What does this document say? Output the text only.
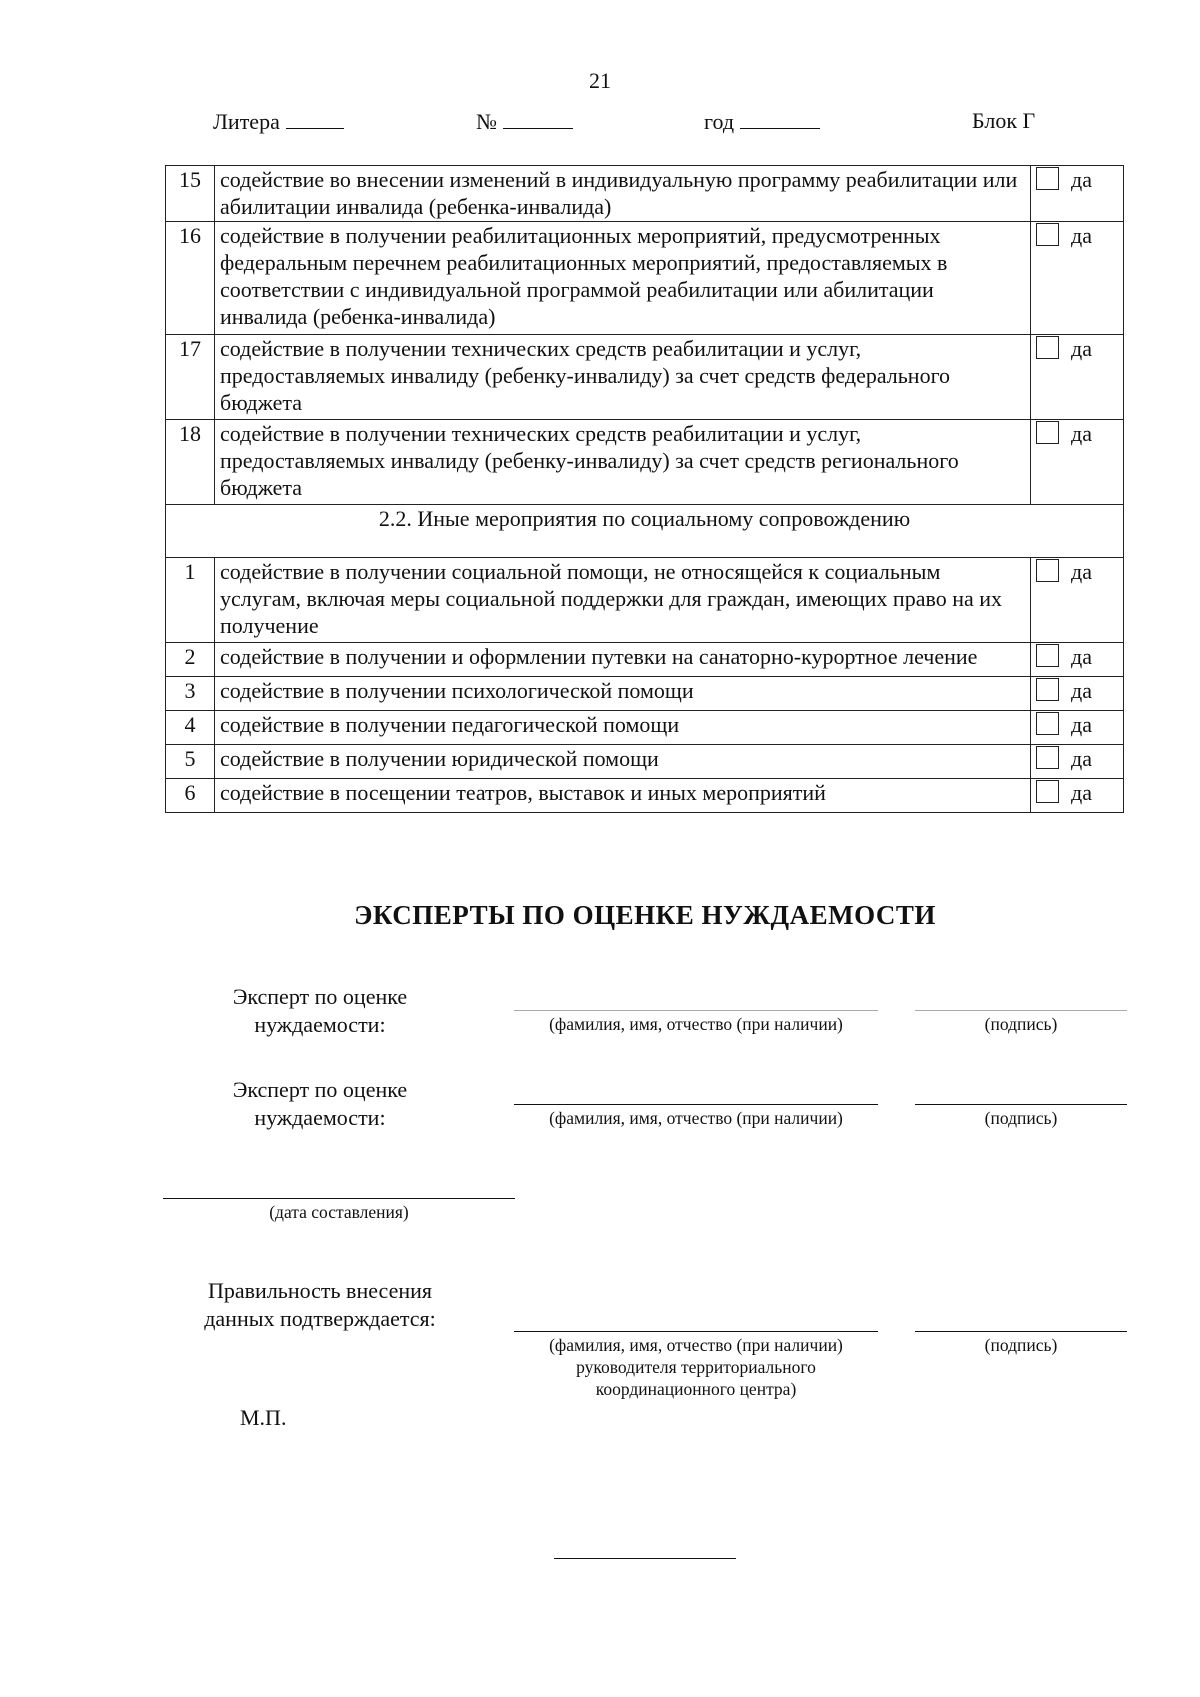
21
Литера	№	год	Блок Г
15	содействие во внесении изменений в индивидуальную программу реабилитации или абилитации инвалида (ребенка-инвалида)	да
16	содействие в получении реабилитационных мероприятий, предусмотренных федеральным перечнем реабилитационных мероприятий, предоставляемых в соответствии с индивидуальной программой реабилитации или абилитации инвалида (ребенка-инвалида)	да
17	содействие в получении технических средств реабилитации и услуг, предоставляемых инвалиду (ребенку-инвалиду) за счет средств федерального бюджета	да
18	содействие в получении технических средств реабилитации и услуг, предоставляемых инвалиду (ребенку-инвалиду) за счет средств регионального бюджета	да
2.2. Иные мероприятия по социальному сопровождению		
1	содействие в получении социальной помощи, не относящейся к социальным услугам, включая меры социальной поддержки для граждан, имеющих право на их получение	да
2	содействие в получении и оформлении путевки на санаторно-курортное лечение	да
3	содействие в получении психологической помощи	да
4	содействие в получении педагогической помощи	да
5	содействие в получении юридической помощи	да
6	содействие в посещении театров, выставок и иных мероприятий	да
ЭКСПЕРТЫ ПО ОЦЕНКЕ НУЖДАЕМОСТИ
Эксперт по оценке
нуждаемости:	(фамилия, имя, отчество (при наличии)	(подпись)
Эксперт по оценке
нуждаемости:	(фамилия, имя, отчество (при наличии)	(подпись)
(дата составления)
Правильность внесения
данных подтверждается:
(фамилия, имя, отчество (при наличии)
руководителя территориального
координационного центра)
(подпись)
М.П.
